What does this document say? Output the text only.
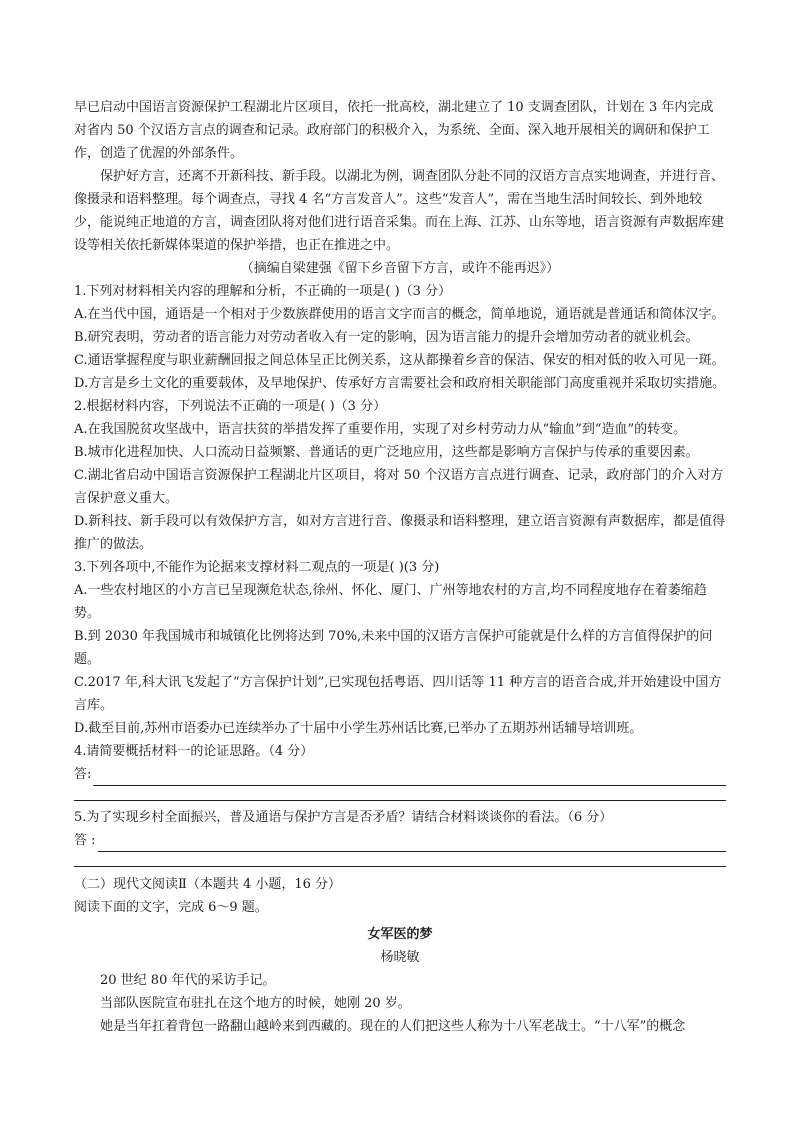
早已启动中国语言资源保护工程湖北片区项目，依托一批高校，湖北建立了 10 支调查团队，计划在 3 年内完成对省内 50 个汉语方言点的调查和记录。政府部门的积极介入，为系统、全面、深入地开展相关的调研和保护工作，创造了优渥的外部条件。

保护好方言，还离不开新科技、新手段。以湖北为例，调查团队分赴不同的汉语方言点实地调查，并进行音、像摄录和语料整理。每个调查点，寻找 4 名“方言发音人”。这些“发音人”，需在当地生活时间较长、到外地较少，能说纯正地道的方言，调查团队将对他们进行语音采集。而在上海、江苏、山东等地，语言资源有声数据库建设等相关依托新媒体渠道的保护举措，也正在推进之中。

（摘编自梁建强《留下乡音留下方言，或许不能再迟》）

1.下列对材料相关内容的理解和分析，不正确的一项是( )（3 分）

A.在当代中国，通语是一个相对于少数族群使用的语言文字而言的概念，简单地说，通语就是普通话和简体汉字。

B.研究表明，劳动者的语言能力对劳动者收入有一定的影响，因为语言能力的提升会增加劳动者的就业机会。

C.通语掌握程度与职业薪酬回报之间总体呈正比例关系，这从都操着乡音的保洁、保安的相对低的收入可见一斑。

D.方言是乡土文化的重要载体，及早地保护、传承好方言需要社会和政府相关职能部门高度重视并采取切实措施。

2.根据材料内容，下列说法不正确的一项是( )（3 分）

A.在我国脱贫攻坚战中，语言扶贫的举措发挥了重要作用，实现了对乡村劳动力从“输血”到“造血”的转变。

B.城市化进程加快、人口流动日益频繁、普通话的更广泛地应用，这些都是影响方言保护与传承的重要因素。

C.湖北省启动中国语言资源保护工程湖北片区项目，将对 50 个汉语方言点进行调查、记录，政府部门的介入对方言保护意义重大。

D.新科技、新手段可以有效保护方言，如对方言进行音、像摄录和语料整理，建立语言资源有声数据库，都是值得推广的做法。

3.下列各项中,不能作为论据来支撑材料二观点的一项是( )(3 分)

A.一些农村地区的小方言已呈现濒危状态,徐州、怀化、厦门、广州等地农村的方言,均不同程度地存在着萎缩趋势。

B.到 2030 年我国城市和城镇化比例将达到 70%,未来中国的汉语方言保护可能就是什么样的方言值得保护的问题。

C.2017 年,科大讯飞发起了“方言保护计划”,已实现包括粤语、四川话等 11 种方言的语音合成,并开始建设中国方言库。

D.截至目前,苏州市语委办已连续举办了十届中小学生苏州话比赛,已举办了五期苏州话辅导培训班。

4.请简要概括材料一的论证思路。（4 分）

答:

5.为了实现乡村全面振兴，普及通语与保护方言是否矛盾？请结合材料谈谈你的看法。（6 分）

答 :

（二）现代文阅读Ⅱ（本题共 4 小题，16 分）

阅读下面的文字，完成 6～9 题。

女军医的梦

杨晓敏

20 世纪 80 年代的采访手记。

当部队医院宣布驻扎在这个地方的时候，她刚 20 岁。

她是当年扛着背包一路翻山越岭来到西藏的。现在的人们把这些人称为十八军老战士。“十八军”的概念
